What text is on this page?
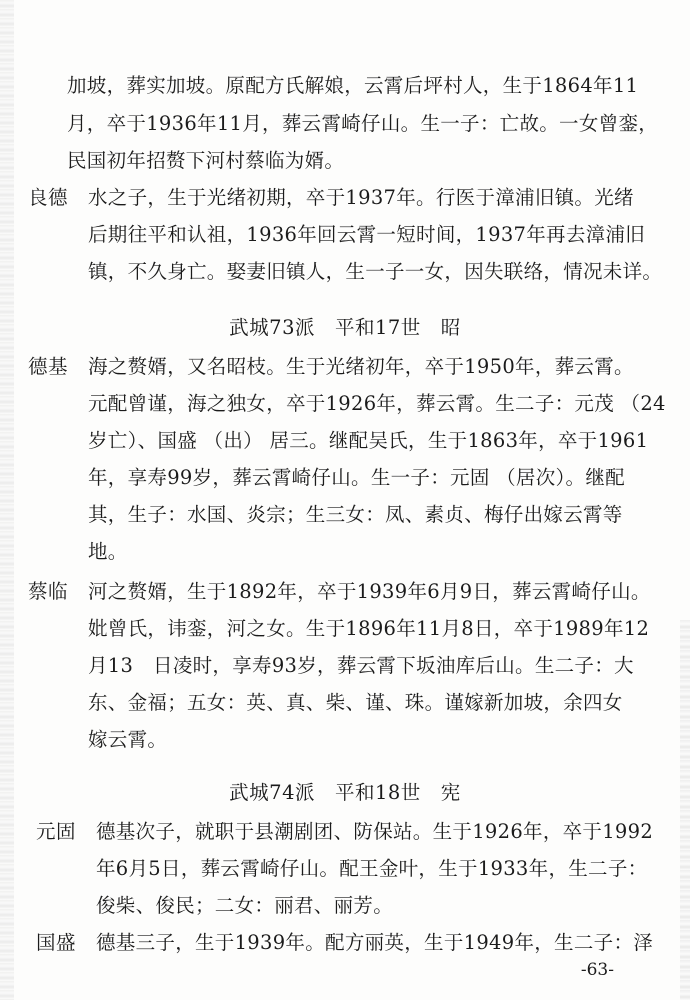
加坡，葬实加坡。原配方氏解娘，云霄后坪村人，生于1864年11
月，卒于1936年11月，葬云霄崎仔山。生一子：亡故。一女曾銮，
民国初年招赘下河村蔡临为婿。
良德 水之子，生于光绪初期，卒于1937年。行医于漳浦旧镇。光绪
后期往平和认祖，1936年回云霄一短时间，1937年再去漳浦旧
镇，不久身亡。娶妻旧镇人，生一子一女，因失联络，情况未详。
武城73派　平和17世　昭
德基 海之赘婿，又名昭枝。生于光绪初年，卒于1950年，葬云霄。
元配曾谨，海之独女，卒于1926年，葬云霄。生二子：元茂 （24
岁亡）、国盛 （出） 居三。继配吴氏，生于1863年，卒于1961
年，享寿99岁，葬云霄崎仔山。生一子：元固 （居次）。继配
其，生子：水国、炎宗；生三女：凤、素贞、梅仔出嫁云霄等
地。
蔡临 河之赘婿，生于1892年，卒于1939年6月9日，葬云霄崎仔山。
妣曾氏，讳銮，河之女。生于1896年11月8日，卒于1989年12
月13　日凌时，享寿93岁，葬云霄下坂油库后山。生二子：大
东、金福；五女：英、真、柴、谨、珠。谨嫁新加坡，余四女
嫁云霄。
武城74派　平和18世　宪
元固 德基次子，就职于县潮剧团、防保站。生于1926年，卒于1992
年6月5日，葬云霄崎仔山。配王金叶，生于1933年，生二子：
俊柴、俊民；二女：丽君、丽芳。
国盛 德基三子，生于1939年。配方丽英，生于1949年，生二子：泽
-63-
